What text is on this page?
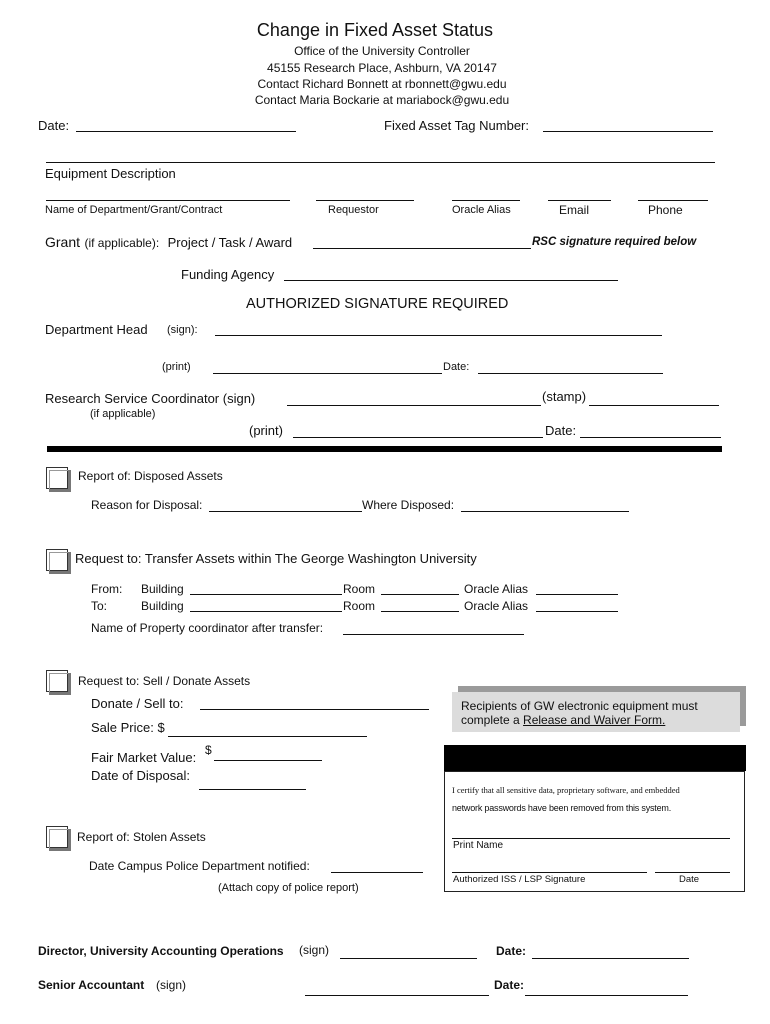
Change in Fixed Asset Status
Office of the University Controller
45155 Research Place, Ashburn, VA 20147
Contact Richard Bonnett at rbonnett@gwu.edu
Contact Maria Bockarie at mariabock@gwu.edu
Date:	Fixed Asset Tag Number:
Equipment Description
Name of Department/Grant/Contract	Requestor	Oracle Alias	Email	Phone
Grant (if applicable): Project / Task / Award	RSC signature required below
Funding Agency
AUTHORIZED SIGNATURE REQUIRED
Department Head (sign):
(print)	Date:
Research Service Coordinator (sign)
(if applicable)
(stamp)
(print)	Date:
Report of: Disposed Assets
Reason for Disposal:	Where Disposed:
Request to: Transfer Assets within The George Washington University
From: Building	Room	Oracle Alias
To:	Building	Room	Oracle Alias
Name of Property coordinator after transfer:
Request to: Sell / Donate Assets
Donate / Sell to:
Sale Price: $
Fair Market Value: $
Date of Disposal:
Recipients of GW electronic equipment must
complete a Release and Waiver Form.
I certify that all sensitive data, proprietary software, and embedded
network passwords have been removed from this system.
Print Name
Authorized ISS / LSP Signature	Date
Report of: Stolen Assets
Date Campus Police Department notified:
(Attach copy of police report)
Director, University Accounting Operations (sign)	Date:
Senior Accountant (sign)	Date:
